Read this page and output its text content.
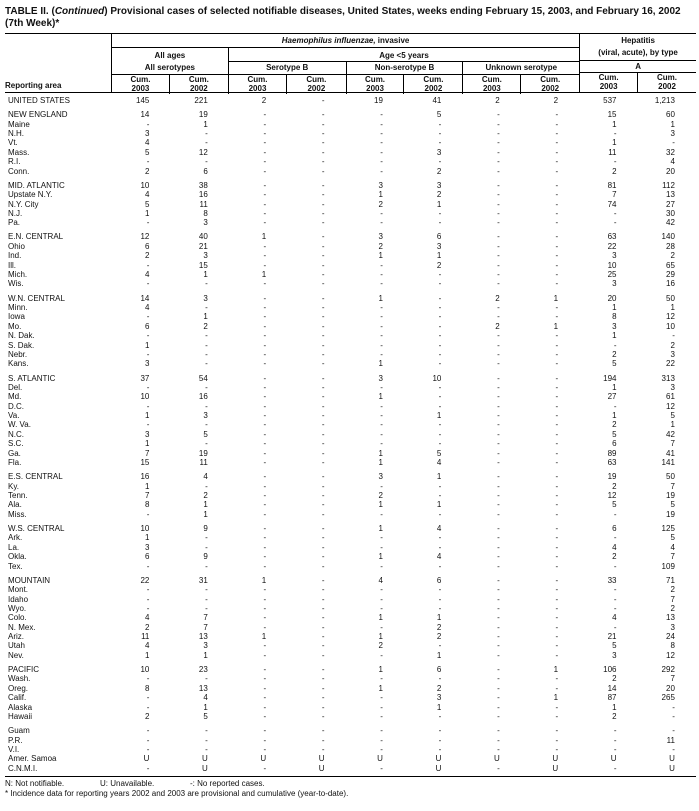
TABLE II. (Continued) Provisional cases of selected notifiable diseases, United States, weeks ending February 15, 2003, and February 16, 2002
(7th Week)*
Reporting area
Haemophilus influenzae, invasive
All ages
All serotypes
Cum.
2003
Cum.
2002
Age <5 years
Serotype B
Cum.
2003
Cum.
2002
Non-serotype B
Cum.
2003
Cum.
2002
Unknown serotype
Cum.
2003
Cum.
2002
Hepatitis
(viral, acute), by type
A
Cum.
2003
Cum.
2002
UNITED STATES	145	221	2	-	19	41	2	2	537	1,213
NEW ENGLAND	14	19	-	-	-	5	-	-	15	60
Maine	-	1	-	-	-	-	-	-	1	1
N.H.	3	-	-	-	-	-	-	-	-	3
Vt.	4	-	-	-	-	-	-	-	1	-
Mass.	5	12	-	-	-	3	-	-	11	32
R.I.	-	-	-	-	-	-	-	-	-	4
Conn.	2	6	-	-	-	2	-	-	2	20
MID. ATLANTIC	10	38	-	-	3	3	-	-	81	112
Upstate N.Y.	4	16	-	-	1	2	-	-	7	13
N.Y. City	5	11	-	-	2	1	-	-	74	27
N.J.	1	8	-	-	-	-	-	-	-	30
Pa.	-	3	-	-	-	-	-	-	-	42
E.N. CENTRAL	12	40	1	-	3	6	-	-	63	140
Ohio	6	21	-	-	2	3	-	-	22	28
Ind.	2	3	-	-	1	1	-	-	3	2
Ill.	-	15	-	-	-	2	-	-	10	65
Mich.	4	1	1	-	-	-	-	-	25	29
Wis.	-	-	-	-	-	-	-	-	3	16
W.N. CENTRAL	14	3	-	-	1	-	2	1	20	50
Minn.	4	-	-	-	-	-	-	-	1	1
Iowa	-	1	-	-	-	-	-	-	8	12
Mo.	6	2	-	-	-	-	2	1	3	10
N. Dak.	-	-	-	-	-	-	-	-	1	-
S. Dak.	1	-	-	-	-	-	-	-	-	2
Nebr.	-	-	-	-	-	-	-	-	2	3
Kans.	3	-	-	-	1	-	-	-	5	22
S. ATLANTIC	37	54	-	-	3	10	-	-	194	313
Del.	-	-	-	-	-	-	-	-	1	3
Md.	10	16	-	-	1	-	-	-	27	61
D.C.	-	-	-	-	-	-	-	-	-	12
Va.	1	3	-	-	-	1	-	-	1	5
W. Va.	-	-	-	-	-	-	-	-	2	1
N.C.	3	5	-	-	-	-	-	-	5	42
S.C.	1	-	-	-	-	-	-	-	6	7
Ga.	7	19	-	-	1	5	-	-	89	41
Fla.	15	11	-	-	1	4	-	-	63	141
E.S. CENTRAL	16	4	-	-	3	1	-	-	19	50
Ky.	1	-	-	-	-	-	-	-	2	7
Tenn.	7	2	-	-	2	-	-	-	12	19
Ala.	8	1	-	-	1	1	-	-	5	5
Miss.	-	1	-	-	-	-	-	-	-	19
W.S. CENTRAL	10	9	-	-	1	4	-	-	6	125
Ark.	1	-	-	-	-	-	-	-	-	5
La.	3	-	-	-	-	-	-	-	4	4
Okla.	6	9	-	-	1	4	-	-	2	7
Tex.	-	-	-	-	-	-	-	-	-	109
MOUNTAIN	22	31	1	-	4	6	-	-	33	71
Mont.	-	-	-	-	-	-	-	-	-	2
Idaho	-	-	-	-	-	-	-	-	-	7
Wyo.	-	-	-	-	-	-	-	-	-	2
Colo.	4	7	-	-	1	1	-	-	4	13
N. Mex.	2	7	-	-	-	2	-	-	-	3
Ariz.	11	13	1	-	1	2	-	-	21	24
Utah	4	3	-	-	2	-	-	-	5	8
Nev.	1	1	-	-	-	1	-	-	3	12
PACIFIC	10	23	-	-	1	6	-	1	106	292
Wash.	-	-	-	-	-	-	-	-	2	7
Oreg.	8	13	-	-	1	2	-	-	14	20
Calif.	-	4	-	-	-	3	-	1	87	265
Alaska	-	1	-	-	-	1	-	-	1	-
Hawaii	2	5	-	-	-	-	-	-	2	-
Guam	-	-	-	-	-	-	-	-	-	-
P.R.	-	-	-	-	-	-	-	-	-	11
V.I.	-	-	-	-	-	-	-	-	-	-
Amer. Samoa	U	U	U	U	U	U	U	U	U	U
C.N.M.I.	-	U	-	U	-	U	-	U	-	U
N: Not notifiable.	U: Unavailable.	-: No reported cases.
* Incidence data for reporting years 2002 and 2003 are provisional and cumulative (year-to-date).
